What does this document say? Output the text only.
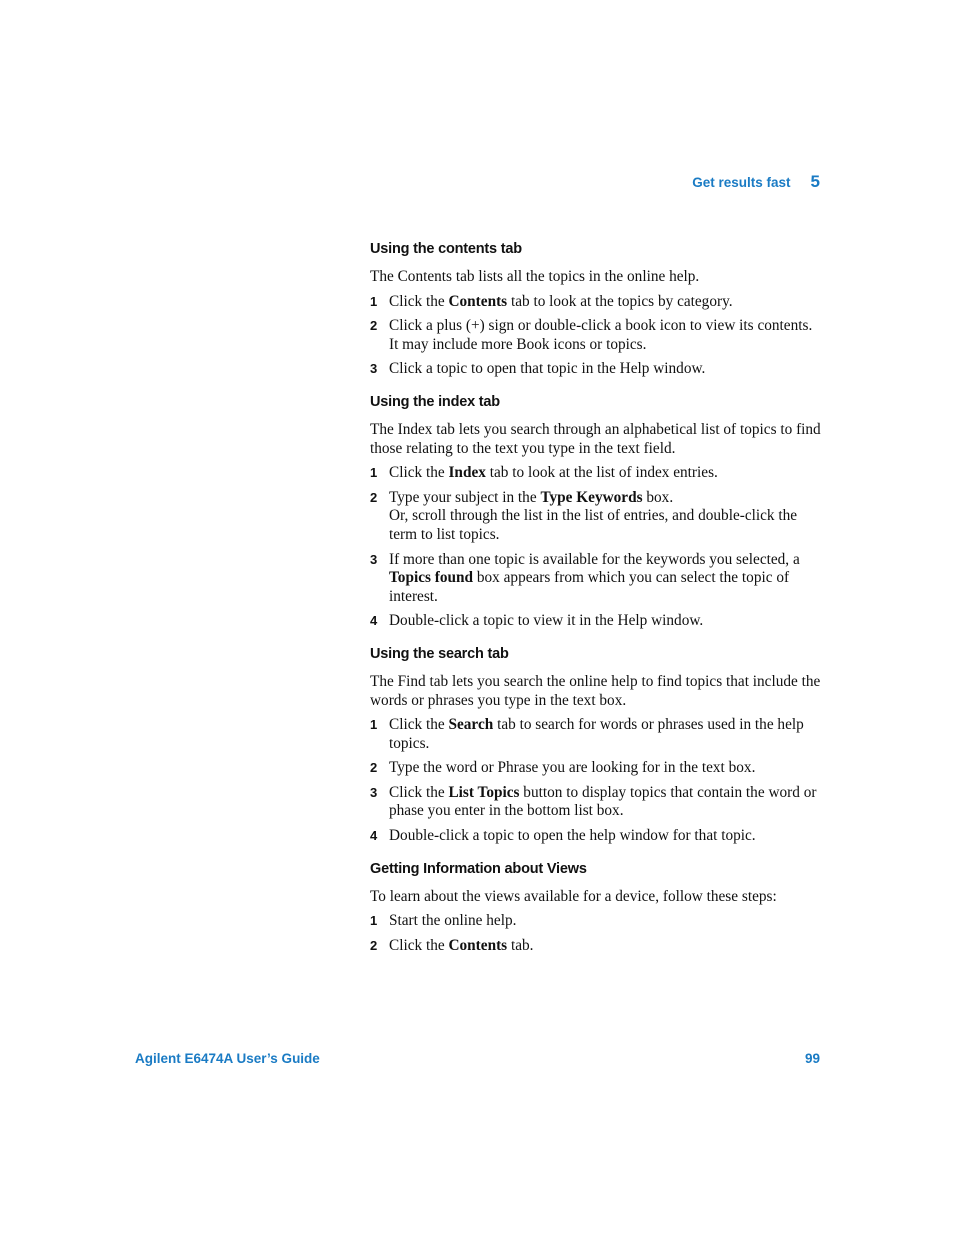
Get results fast 5
Using the contents tab

The Contents tab lists all the topics in the online help.

1 Click the Contents tab to look at the topics by category.
2 Click a plus (+) sign or double-click a book icon to view its contents. It may include more Book icons or topics.
3 Click a topic to open that topic in the Help window.
Using the index tab

The Index tab lets you search through an alphabetical list of topics to find those relating to the text you type in the text field.

1 Click the Index tab to look at the list of index entries.
2 Type your subject in the Type Keywords box.
Or, scroll through the list in the list of entries, and double-click the term to list topics.
3 If more than one topic is available for the keywords you selected, a Topics found box appears from which you can select the topic of interest.
4 Double-click a topic to view it in the Help window.
Using the search tab

The Find tab lets you search the online help to find topics that include the words or phrases you type in the text box.

1 Click the Search tab to search for words or phrases used in the help topics.
2 Type the word or Phrase you are looking for in the text box.
3 Click the List Topics button to display topics that contain the word or phase you enter in the bottom list box.
4 Double-click a topic to open the help window for that topic.
Getting Information about Views

To learn about the views available for a device, follow these steps:

1 Start the online help.
2 Click the Contents tab.
Agilent E6474A User’s Guide	99
